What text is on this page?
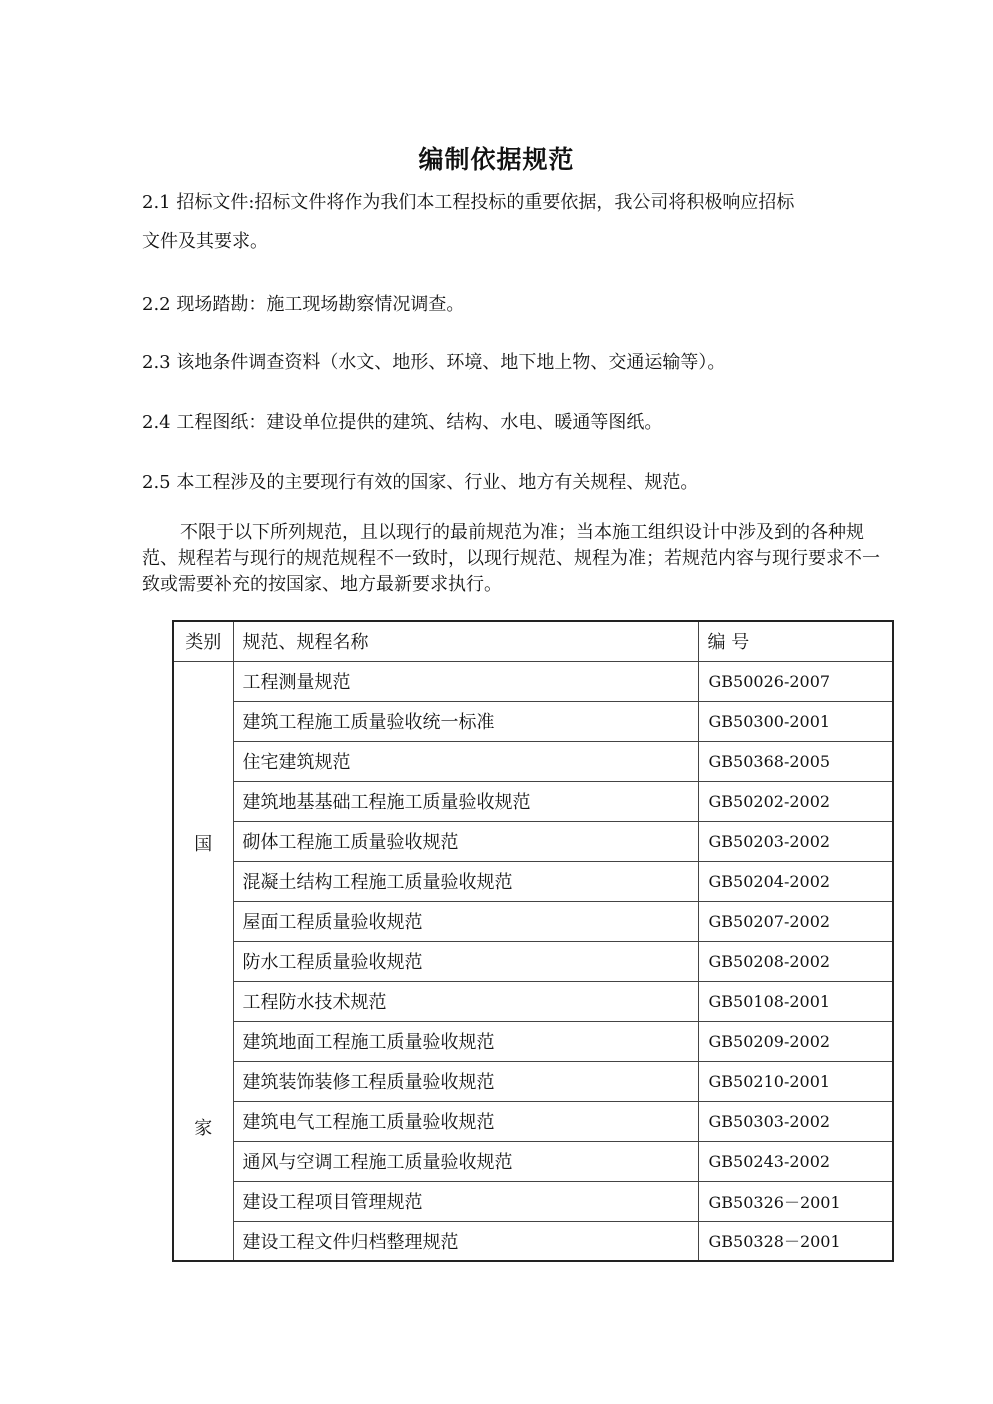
编制依据规范
2.1 招标文件:招标文件将作为我们本工程投标的重要依据，我公司将积极响应招标
文件及其要求。
2.2 现场踏勘：施工现场勘察情况调查。
2.3 该地条件调查资料（水文、地形、环境、地下地上物、交通运输等）。
2.4 工程图纸：建设单位提供的建筑、结构、水电、暖通等图纸。
2.5 本工程涉及的主要现行有效的国家、行业、地方有关规程、规范。
不限于以下所列规范，且以现行的最前规范为准；当本施工组织设计中涉及到的各种规范、规程若与现行的规范规程不一致时，以现行规范、规程为准；若规范内容与现行要求不一致或需要补充的按国家、地方最新要求执行。
类别	规范、规程名称	编 号

国
家	工程测量规范	GB50026-2007
	建筑工程施工质量验收统一标准	GB50300-2001
	住宅建筑规范	GB50368-2005
	建筑地基基础工程施工质量验收规范	GB50202-2002
	砌体工程施工质量验收规范	GB50203-2002
	混凝土结构工程施工质量验收规范	GB50204-2002
	屋面工程质量验收规范	GB50207-2002
	防水工程质量验收规范	GB50208-2002
	工程防水技术规范	GB50108-2001
	建筑地面工程施工质量验收规范	GB50209-2002
	建筑装饰装修工程质量验收规范	GB50210-2001
	建筑电气工程施工质量验收规范	GB50303-2002
	通风与空调工程施工质量验收规范	GB50243-2002
	建设工程项目管理规范	GB50326－2001
	建设工程文件归档整理规范	GB50328－2001
